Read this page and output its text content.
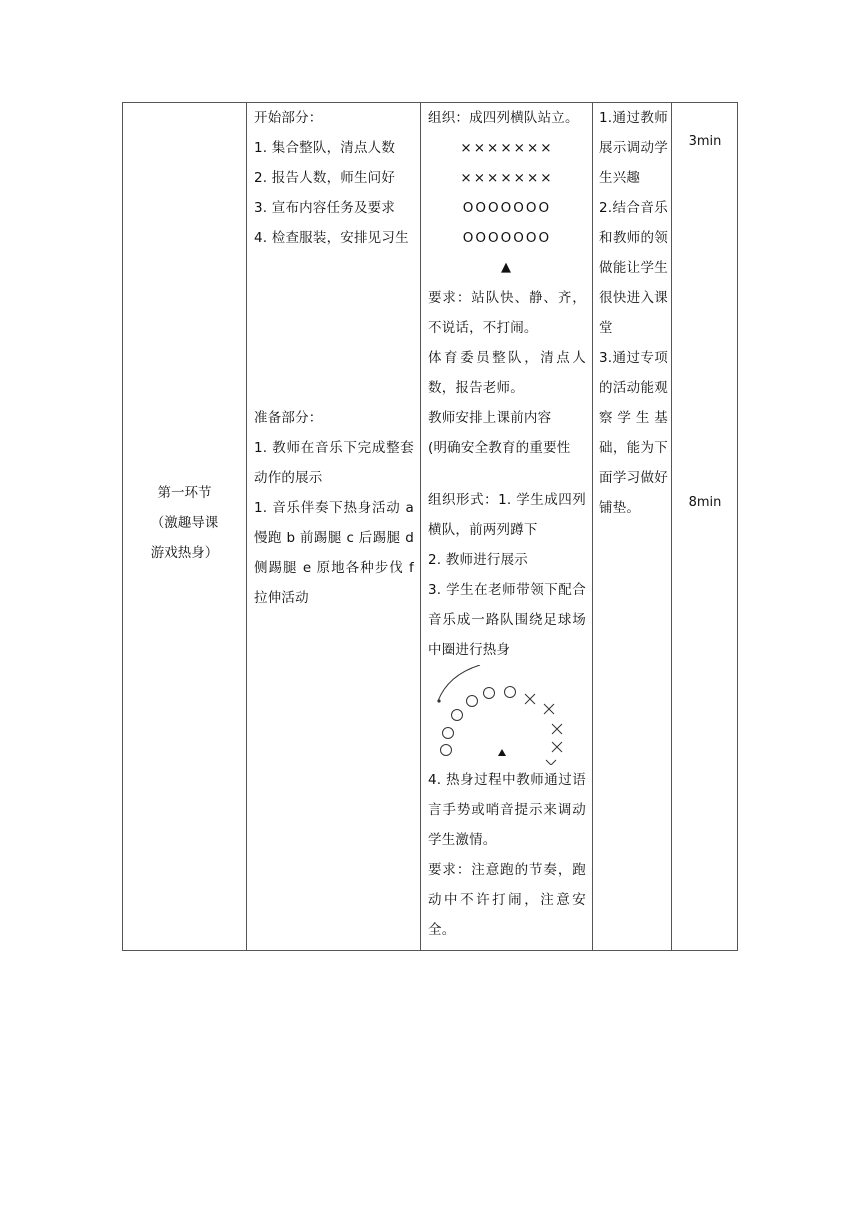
第一环节
（激趣导课
游戏热身）

开始部分：

1. 集合整队，清点人数

2. 报告人数，师生问好

3. 宣布内容任务及要求

4. 检查服装，安排见习生

准备部分：

1. 教师在音乐下完成整套动作的展示

1. 音乐伴奏下热身活动 a 慢跑 b 前踢腿 c 后踢腿 d 侧踢腿 e 原地各种步伐 f 拉伸活动

组织：成四列横队站立。

×××××××

×××××××

OOOOOOO

OOOOOOO

▲

要求：站队快、静、齐，不说话，不打闹。

体育委员整队，清点人数，报告老师。

教师安排上课前内容

(明确安全教育的重要性

组织形式：1. 学生成四列横队，前两列蹲下

2. 教师进行展示

3. 学生在老师带领下配合音乐成一路队围绕足球场中圈进行热身

4. 热身过程中教师通过语言手势或哨音提示来调动学生激情。

要求：注意跑的节奏，跑动中不许打闹，注意安全。

1.通过教师展示调动学生兴趣

2.结合音乐和教师的领做能让学生很快进入课堂

3.通过专项的活动能观察学生基础，能为下面学习做好铺垫。

3min
8min
